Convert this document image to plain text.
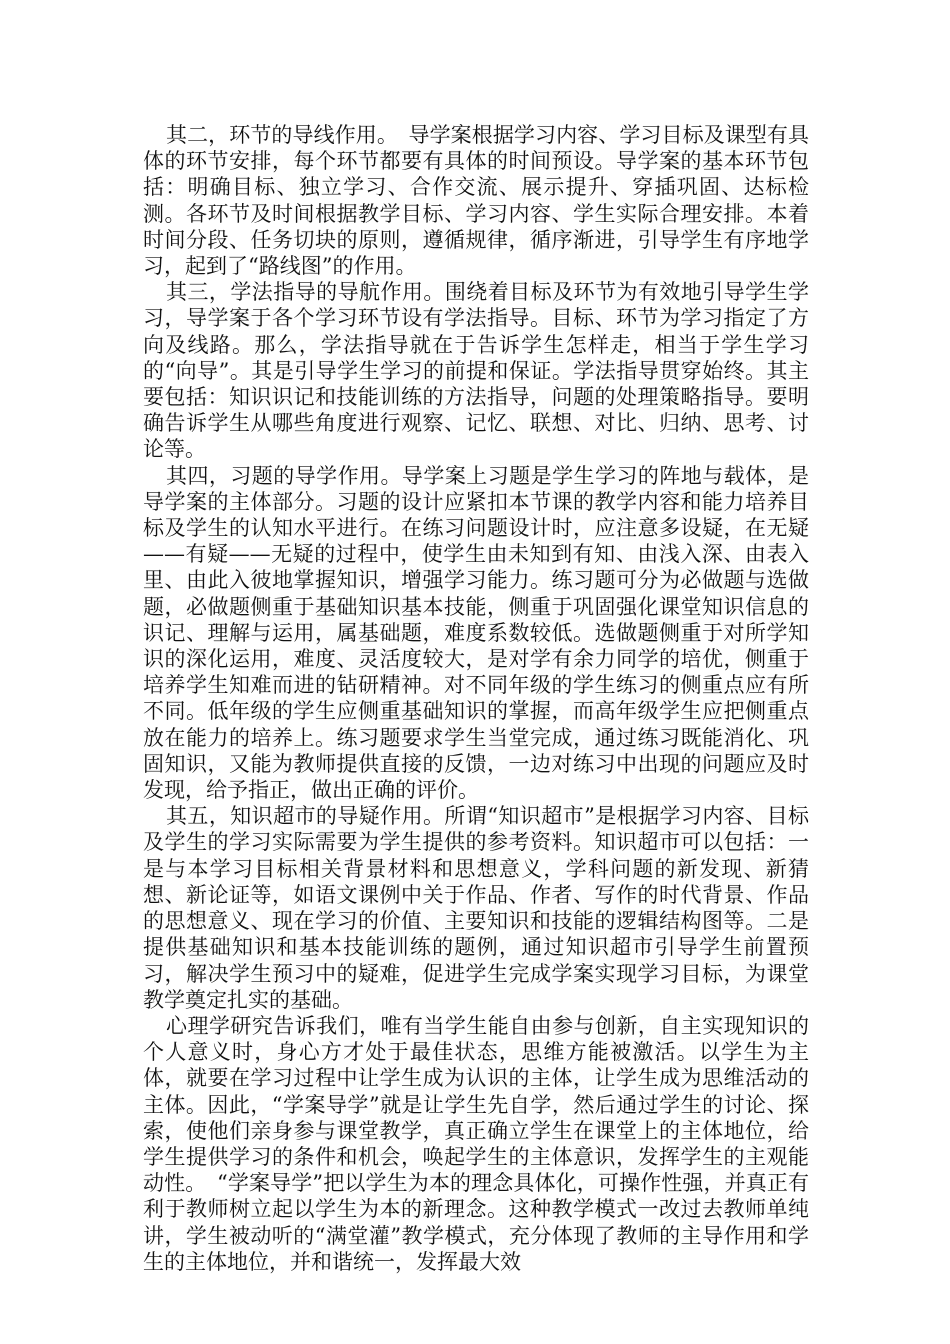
其二，环节的导线作用。　导学案根据学习内容、学习目标及课型有具体的环节安排，每个环节都要有具体的时间预设。导学案的基本环节包括：明确目标、独立学习、合作交流、展示提升、穿插巩固、达标检测。各环节及时间根据教学目标、学习内容、学生实际合理安排。本着时间分段、任务切块的原则，遵循规律，循序渐进，引导学生有序地学习，起到了“路线图”的作用。

其三，学法指导的导航作用。围绕着目标及环节为有效地引导学生学习，导学案于各个学习环节设有学法指导。目标、环节为学习指定了方向及线路。那么，学法指导就在于告诉学生怎样走，相当于学生学习的“向导”。其是引导学生学习的前提和保证。学法指导贯穿始终。其主要包括：知识识记和技能训练的方法指导，问题的处理策略指导。要明确告诉学生从哪些角度进行观察、记忆、联想、对比、归纳、思考、讨论等。

其四，习题的导学作用。导学案上习题是学生学习的阵地与载体，是导学案的主体部分。习题的设计应紧扣本节课的教学内容和能力培养目标及学生的认知水平进行。在练习问题设计时，应注意多设疑，在无疑——有疑——无疑的过程中，使学生由未知到有知、由浅入深、由表入里、由此入彼地掌握知识，增强学习能力。练习题可分为必做题与选做题，必做题侧重于基础知识基本技能，侧重于巩固强化课堂知识信息的识记、理解与运用，属基础题，难度系数较低。选做题侧重于对所学知识的深化运用，难度、灵活度较大，是对学有余力同学的培优，侧重于培养学生知难而进的钻研精神。对不同年级的学生练习的侧重点应有所不同。低年级的学生应侧重基础知识的掌握，而高年级学生应把侧重点放在能力的培养上。练习题要求学生当堂完成，通过练习既能消化、巩固知识，又能为教师提供直接的反馈，一边对练习中出现的问题应及时发现，给予指正，做出正确的评价。

其五，知识超市的导疑作用。所谓“知识超市”是根据学习内容、目标及学生的学习实际需要为学生提供的参考资料。知识超市可以包括：一是与本学习目标相关背景材料和思想意义，学科问题的新发现、新猜想、新论证等，如语文课例中关于作品、作者、写作的时代背景、作品的思想意义、现在学习的价值、主要知识和技能的逻辑结构图等。二是提供基础知识和基本技能训练的题例，通过知识超市引导学生前置预习，解决学生预习中的疑难，促进学生完成学案实现学习目标，为课堂教学奠定扎实的基础。

心理学研究告诉我们，唯有当学生能自由参与创新，自主实现知识的个人意义时，身心方才处于最佳状态，思维方能被激活。以学生为主体，就要在学习过程中让学生成为认识的主体，让学生成为思维活动的主体。因此，“学案导学”就是让学生先自学，然后通过学生的讨论、探索，使他们亲身参与课堂教学，真正确立学生在课堂上的主体地位，给学生提供学习的条件和机会，唤起学生的主体意识，发挥学生的主观能动性。　“学案导学”把以学生为本的理念具体化，可操作性强，并真正有利于教师树立起以学生为本的新理念。这种教学模式一改过去教师单纯讲，学生被动听的“满堂灌”教学模式，充分体现了教师的主导作用和学生的主体地位，并和谐统一，发挥最大效
